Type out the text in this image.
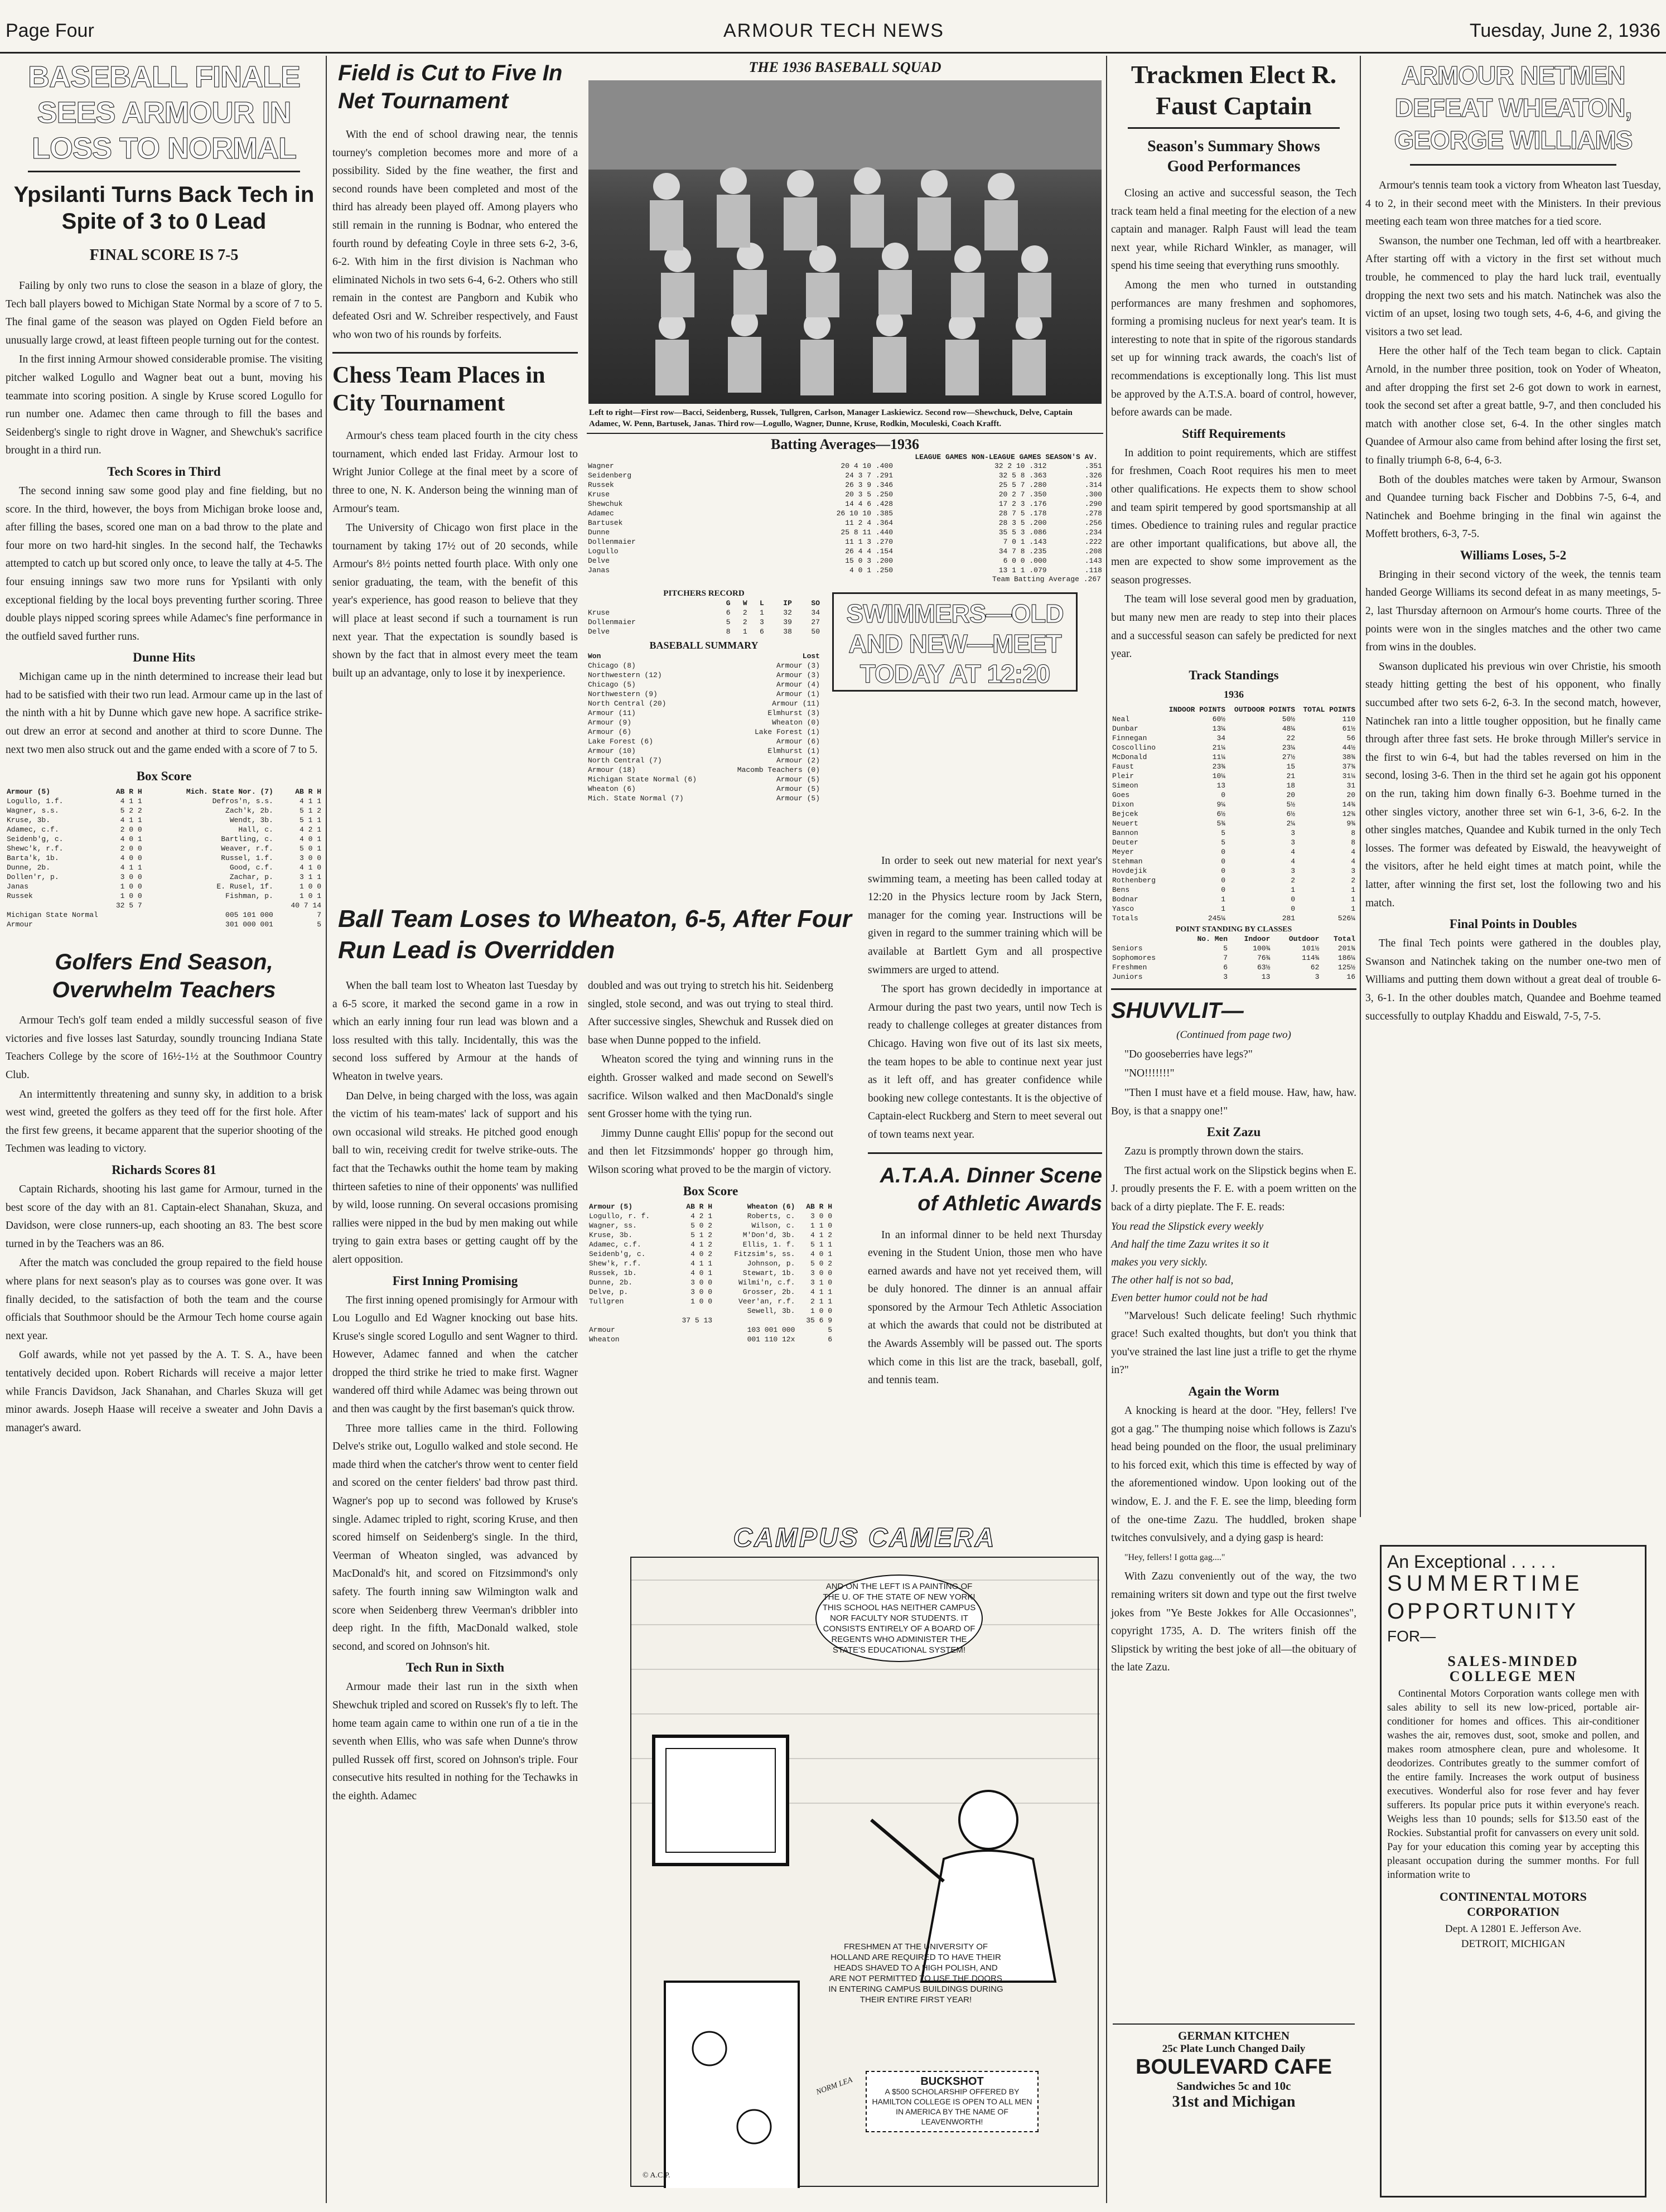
Page Four	ARMOUR TECH NEWS	Tuesday, June 2, 1936
BASEBALL FINALE SEES ARMOUR IN LOSS TO NORMAL
Ypsilanti Turns Back Tech in Spite of 3 to 0 Lead
FINAL SCORE IS 7-5

Failing by only two runs to close the season in a blaze of glory, the Tech ball players bowed to Michigan State Normal by a score of 7 to 5. The final game of the season was played on Ogden Field before an unusually large crowd, at least fifteen people turning out for the contest.

In the first inning Armour showed considerable promise. The visiting pitcher walked Logullo and Wagner beat out a bunt, moving his teammate into scoring position. A single by Kruse scored Logullo for run number one. Adamec then came through to fill the bases and Seidenberg's single to right drove in Wagner, and Shewchuk's sacrifice brought in a third run.

Tech Scores in Third

The second inning saw some good play and fine fielding, but no score. In the third, however, the boys from Michigan broke loose and, after filling the bases, scored one man on a bad throw to the plate and four more on two hard-hit singles. In the second half, the Techawks attempted to catch up but scored only once, to leave the tally at 4-5. The four ensuing innings saw two more runs for Ypsilanti with only exceptional fielding by the local boys preventing further scoring. Three double plays nipped scoring sprees while Adamec's fine performance in the outfield saved further runs.

Dunne Hits

Michigan came up in the ninth determined to increase their lead but had to be satisfied with their two run lead. Armour came up in the last of the ninth with a hit by Dunne which gave new hope. A sacrifice strike-out drew an error at second and another at third to score Dunne. The next two men also struck out and the game ended with a score of 7 to 5.

Box Score
Armour (5)	AB R H	Mich. State Nor. (7)	AB R H
Logullo, 1.f.	4 1 1	Defros'n, s.s.	4 1 1
Wagner, s.s.	5 2 2	Zach'k, 2b.	5 1 2
Kruse, 3b.	4 1 1	Wendt, 3b.	5 1 1
Adamec, c.f.	2 0 0	Hall, c.	4 2 1
Seidenb'g, c.	4 0 1	Bartling, c.	4 0 1
Shewc'k, r.f.	2 0 0	Weaver, r.f.	5 0 1
Barta'k, 1b.	4 0 0	Russel, 1.f.	3 0 0
Dunne, 2b.	4 1 1	Good, c.f.	4 1 0
Dollen'r, p.	3 0 0	Zachar, p.	3 1 1
Janas	1 0 0	E. Rusel, 1f.	1 0 0
Russek	1 0 0	Fishman, p.	1 0 1
	32 5 7		40 7 14
Michigan State Normal		005 101 000	7
Armour		301 000 001	5
Golfers End Season, Overwhelm Teachers

Armour Tech's golf team ended a mildly successful season of five victories and five losses last Saturday, soundly trouncing Indiana State Teachers College by the score of 16½-1½ at the Southmoor Country Club.

An intermittently threatening and sunny sky, in addition to a brisk west wind, greeted the golfers as they teed off for the first hole. After the first few greens, it became apparent that the superior shooting of the Techmen was leading to victory.

Richards Scores 81

Captain Richards, shooting his last game for Armour, turned in the best score of the day with an 81. Captain-elect Shanahan, Skuza, and Davidson, were close runners-up, each shooting an 83. The best score turned in by the Teachers was an 86.

After the match was concluded the group repaired to the field house where plans for next season's play as to courses was gone over. It was finally decided, to the satisfaction of both the team and the course officials that Southmoor should be the Armour Tech home course again next year.

Golf awards, while not yet passed by the A. T. S. A., have been tentatively decided upon. Robert Richards will receive a major letter while Francis Davidson, Jack Shanahan, and Charles Skuza will get minor awards. Joseph Haase will receive a sweater and John Davis a manager's award.

Field is Cut to Five In Net Tournament

With the end of school drawing near, the tennis tourney's completion becomes more and more of a possibility. Sided by the fine weather, the first and second rounds have been completed and most of the third has already been played off. Among players who still remain in the running is Bodnar, who entered the fourth round by defeating Coyle in three sets 6-2, 3-6, 6-2. With him in the first division is Nachman who eliminated Nichols in two sets 6-4, 6-2. Others who still remain in the contest are Pangborn and Kubik who defeated Osri and W. Schreiber respectively, and Faust who won two of his rounds by forfeits.

Chess Team Places in City Tournament

Armour's chess team placed fourth in the city chess tournament, which ended last Friday. Armour lost to Wright Junior College at the final meet by a score of three to one, N. K. Anderson being the winning man of Armour's team.

The University of Chicago won first place in the tournament by taking 17½ out of 20 seconds, while Armour's 8½ points netted fourth place. With only one senior graduating, the team, with the benefit of this year's experience, has good reason to believe that they will place at least second if such a tournament is run next year. That the expectation is soundly based is shown by the fact that in almost every meet the team built up an advantage, only to lose it by inexperience.

THE 1936 BASEBALL SQUAD
Left to right—First row—Bacci, Seidenberg, Russek, Tullgren, Carlson, Manager Laskiewicz. Second row—Shewchuck, Delve, Captain Adamec, W. Penn, Bartusek, Janas. Third row—Logullo, Wagner, Dunne, Kruse, Rodkin, Moculeski, Coach Krafft.
Batting Averages—1936
LEAGUE GAMES NON-LEAGUE GAMES SEASON'S AV.
Wagner	20 4 10 .400	32 2 10 .312	.351
Seidenberg	24 3 7 .291	32 5 8 .363	.326
Russek	26 3 9 .346	25 5 7 .280	.314
Kruse	20 3 5 .250	20 2 7 .350	.300
Shewchuk	14 4 6 .428	17 2 3 .176	.290
Adamec	26 10 10 .385	28 7 5 .178	.278
Bartusek	11 2 4 .364	28 3 5 .200	.256
Dunne	25 8 11 .440	35 5 3 .086	.234
Dollenmaier	11 1 3 .270	7 0 1 .143	.222
Logullo	26 4 4 .154	34 7 8 .235	.208
Delve	15 0 3 .200	6 0 0 .000	.143
Janas	4 0 1 .250	13 1 1 .079	.118
Team Batting Average .267
PITCHERS RECORD
	G	W	L	IP	SO
Kruse	6	2	1	32	34
Dollenmaier	5	2	3	39	27
Delve	8	1	6	38	50
BASEBALL SUMMARY
Won	Lost
Chicago (8)	Armour (3)
Northwestern (12)	Armour (3)
Chicago (5)	Armour (4)
Northwestern (9)	Armour (1)
North Central (20)	Armour (11)
Armour (11)	Elmhurst (3)
Armour (9)	Wheaton (0)
Armour (6)	Lake Forest (1)
Lake Forest (6)	Armour (6)
Armour (10)	Elmhurst (1)
North Central (7)	Armour (2)
Armour (18)	Macomb Teachers (0)
Michigan State Normal (6)	Armour (5)
Wheaton (6)	Armour (5)
Mich. State Normal (7)	Armour (5)
SWIMMERS—OLD AND NEW—MEET TODAY AT 12:20

In order to seek out new material for next year's swimming team, a meeting has been called today at 12:20 in the Physics lecture room by Jack Stern, manager for the coming year. Instructions will be given in regard to the summer training which will be available at Bartlett Gym and all prospective swimmers are urged to attend.

The sport has grown decidedly in importance at Armour during the past two years, until now Tech is ready to challenge colleges at greater distances from Chicago. Having won five out of its last six meets, the team hopes to be able to continue next year just as it left off, and has greater confidence while booking new college contestants. It is the objective of Captain-elect Ruckberg and Stern to meet several out of town teams next year.

A.T.A.A. Dinner Scene of Athletic Awards

In an informal dinner to be held next Thursday evening in the Student Union, those men who have earned awards and have not yet received them, will be duly honored. The dinner is an annual affair sponsored by the Armour Tech Athletic Association at which the awards that could not be distributed at the Awards Assembly will be passed out. The sports which come in this list are the track, baseball, golf, and tennis team.

Ball Team Loses to Wheaton, 6-5, After Four Run Lead is Overridden

When the ball team lost to Wheaton last Tuesday by a 6-5 score, it marked the second game in a row in which an early inning four run lead was blown and a loss resulted with this tally. Incidentally, this was the second loss suffered by Armour at the hands of Wheaton in twelve years.

Dan Delve, in being charged with the loss, was again the victim of his team-mates' lack of support and his own occasional wild streaks. He pitched good enough ball to win, receiving credit for twelve strike-outs. The fact that the Techawks outhit the home team by making thirteen safeties to nine of their opponents' was nullified by wild, loose running. On several occasions promising rallies were nipped in the bud by men making out while trying to gain extra bases or getting caught off by the alert opposition.

First Inning Promising

The first inning opened promisingly for Armour with Lou Logullo and Ed Wagner knocking out base hits. Kruse's single scored Logullo and sent Wagner to third. However, Adamec fanned and when the catcher dropped the third strike he tried to make first. Wagner wandered off third while Adamec was being thrown out and then was caught by the first baseman's quick throw.

Three more tallies came in the third. Following Delve's strike out, Logullo walked and stole second. He made third when the catcher's throw went to center field and scored on the center fielders' bad throw past third. Wagner's pop up to second was followed by Kruse's single. Adamec tripled to right, scoring Kruse, and then scored himself on Seidenberg's single. In the third, Veerman of Wheaton singled, was advanced by MacDonald's hit, and scored on Fitzsimmond's only safety. The fourth inning saw Wilmington walk and score when Seidenberg threw Veerman's dribbler into deep right. In the fifth, MacDonald walked, stole second, and scored on Johnson's hit.

Tech Run in Sixth

Armour made their last run in the sixth when Shewchuk tripled and scored on Russek's fly to left. The home team again came to within one run of a tie in the seventh when Ellis, who was safe when Dunne's throw pulled Russek off first, scored on Johnson's triple. Four consecutive hits resulted in nothing for the Techawks in the eighth. Adamec

doubled and was out trying to stretch his hit. Seidenberg singled, stole second, and was out trying to steal third. After successive singles, Shewchuk and Russek died on base when Dunne popped to the infield.

Wheaton scored the tying and winning runs in the eighth. Grosser walked and made second on Sewell's sacrifice. Wilson walked and then MacDonald's single sent Grosser home with the tying run.

Jimmy Dunne caught Ellis' popup for the second out and then let Fitzsimmonds' hopper go through him, Wilson scoring what proved to be the margin of victory.

Box Score
Armour (5)	AB R H	Wheaton (6)	AB R H
Logullo, r. f.	4 2 1	Roberts, c.	3 0 0
Wagner, ss.	5 0 2	Wilson, c.	1 1 0
Kruse, 3b.	5 1 2	M'Don'd, 3b.	4 1 2
Adamec, c.f.	4 1 2	Ellis, 1. f.	5 1 1
Seidenb'g, c.	4 0 2	Fitzsim's, ss.	4 0 1
Shew'k, r.f.	4 1 1	Johnson, p.	5 0 2
Russek, 1b.	4 0 1	Stewart, 1b.	3 0 0
Dunne, 2b.	3 0 0	Wilmi'n, c.f.	3 1 0
Delve, p.	3 0 0	Grosser, 2b.	4 1 1
Tullgren	1 0 0	Veer'an, r.f.	2 1 1
		Sewell, 3b.	1 0 0
	37 5 13		35 6 9
Armour		103 001 000	5
Wheaton		001 110 12x	6
CAMPUS CAMERA
AND ON THE LEFT IS A PAINTING OF THE U. OF THE STATE OF NEW YORK! THIS SCHOOL HAS NEITHER CAMPUS NOR FACULTY NOR STUDENTS. IT CONSISTS ENTIRELY OF A BOARD OF REGENTS WHO ADMINISTER THE STATE'S EDUCATIONAL SYSTEM!
FRESHMEN AT THE UNIVERSITY OF HOLLAND ARE REQUIRED TO HAVE THEIR HEADS SHAVED TO A HIGH POLISH, AND ARE NOT PERMITTED TO USE THE DOORS IN ENTERING CAMPUS BUILDINGS DURING THEIR ENTIRE FIRST YEAR!
BUCKSHOT
A $500 SCHOLARSHIP OFFERED BY HAMILTON COLLEGE IS OPEN TO ALL MEN IN AMERICA BY THE NAME OF LEAVENWORTH!
NORM LEA
© A.C.P.
Trackmen Elect R. Faust Captain
Season's Summary Shows Good Performances

Closing an active and successful season, the Tech track team held a final meeting for the election of a new captain and manager. Ralph Faust will lead the team next year, while Richard Winkler, as manager, will spend his time seeing that everything runs smoothly.

Among the men who turned in outstanding performances are many freshmen and sophomores, forming a promising nucleus for next year's team. It is interesting to note that in spite of the rigorous standards set up for winning track awards, the coach's list of recommendations is exceptionally long. This list must be approved by the A.T.S.A. board of control, however, before awards can be made.

Stiff Requirements

In addition to point requirements, which are stiffest for freshmen, Coach Root requires his men to meet other qualifications. He expects them to show school and team spirit tempered by good sportsmanship at all times. Obedience to training rules and regular practice are other important qualifications, but above all, the men are expected to show some improvement as the season progresses.

The team will lose several good men by graduation, but many new men are ready to step into their places and a successful season can safely be predicted for next year.

Track Standings
1936
	INDOOR POINTS	OUTDOOR POINTS	TOTAL POINTS
Neal	60½	50½	110
Dunbar	13¼	48¼	61½
Finnegan	34	22	56
Coscollino	21¼	23¼	44½
McDonald	11¼	27½	38¾
Faust	23¾	15	37¾
Pleir	10¼	21	31¼
Simeon	13	18	31
Goes	0	20	20
Dixon	9¼	5½	14¾
Bejcek	6½	6½	12¾
Neuert	5¾	2¼	9¾
Bannon	5	3	8
Deuter	5	3	8
Meyer	0	4	4
Stehman	0	4	4
Hovdejik	0	3	3
Rothenberg	0	2	2
Bens	0	1	1
Bodnar	1	0	1
Yasco	1	0	1
Totals	245¼	281	526¼
POINT STANDING BY CLASSES
	No. Men	Indoor	Outdoor	Total
Seniors	5	100¾	101½	201¾
Sophomores	7	76¾	114¾	186¼
Freshmen	6	63½	62	125½
Juniors	3	13	3	16
SHUVVLIT—
(Continued from page two)

"Do gooseberries have legs?"

"NO!!!!!!!"

"Then I must have et a field mouse. Haw, haw, haw. Boy, is that a snappy one!"

Exit Zazu

Zazu is promptly thrown down the stairs.

The first actual work on the Slipstick begins when E. J. proudly presents the F. E. with a poem written on the back of a dirty pieplate. The F. E. reads:

You read the Slipstick every weekly
And half the time Zazu writes it so it
makes you very sickly.
The other half is not so bad,
Even better humor could not be had

"Marvelous! Such delicate feeling! Such rhythmic grace! Such exalted thoughts, but don't you think that you've strained the last line just a trifle to get the rhyme in?"

Again the Worm

A knocking is heard at the door. "Hey, fellers! I've got a gag." The thumping noise which follows is Zazu's head being pounded on the floor, the usual preliminary to his forced exit, which this time is effected by way of the aforementioned window. Upon looking out of the window, E. J. and the F. E. see the limp, bleeding form of the one-time Zazu. The huddled, broken shape twitches convulsively, and a dying gasp is heard:

"Hey, fellers! I gotta gag...."

With Zazu conveniently out of the way, the two remaining writers sit down and type out the first twelve jokes from "Ye Beste Jokkes for Alle Occasionnes", copyright 1735, A. D. The writers finish off the Slipstick by writing the best joke of all—the obituary of the late Zazu.

GERMAN KITCHEN
25c Plate Lunch Changed Daily
BOULEVARD CAFE
Sandwiches 5c and 10c
31st and Michigan
ARMOUR NETMEN DEFEAT WHEATON, GEORGE WILLIAMS

Armour's tennis team took a victory from Wheaton last Tuesday, 4 to 2, in their second meet with the Ministers. In their previous meeting each team won three matches for a tied score.

Swanson, the number one Techman, led off with a heartbreaker. After starting off with a victory in the first set without much trouble, he commenced to play the hard luck trail, eventually dropping the next two sets and his match. Natinchek was also the victim of an upset, losing two tough sets, 4-6, 4-6, and giving the visitors a two set lead.

Here the other half of the Tech team began to click. Captain Arnold, in the number three position, took on Yoder of Wheaton, and after dropping the first set 2-6 got down to work in earnest, took the second set after a great battle, 9-7, and then concluded his match with another close set, 6-4. In the other singles match Quandee of Armour also came from behind after losing the first set, to finally triumph 6-8, 6-4, 6-3.

Both of the doubles matches were taken by Armour, Swanson and Quandee turning back Fischer and Dobbins 7-5, 6-4, and Natinchek and Boehme bringing in the final win against the Moffett brothers, 6-3, 7-5.

Williams Loses, 5-2

Bringing in their second victory of the week, the tennis team handed George Williams its second defeat in as many meetings, 5-2, last Thursday afternoon on Armour's home courts. Three of the points were won in the singles matches and the other two came from wins in the doubles.

Swanson duplicated his previous win over Christie, his smooth steady hitting getting the best of his opponent, who finally succumbed after two sets 6-2, 6-3. In the second match, however, Natinchek ran into a little tougher opposition, but he finally came through after three fast sets. He broke through Miller's service in the first to win 6-4, but had the tables reversed on him in the second, losing 3-6. Then in the third set he again got his opponent on the run, taking him down finally 6-3. Boehme turned in the other singles victory, another three set win 6-1, 3-6, 6-2. In the other singles matches, Quandee and Kubik turned in the only Tech losses. The former was defeated by Eiswald, the heavyweight of the visitors, after he held eight times at match point, while the latter, after winning the first set, lost the following two and his match.

Final Points in Doubles

The final Tech points were gathered in the doubles play, Swanson and Natinchek taking on the number one-two men of Williams and putting them down without a great deal of trouble 6-3, 6-1. In the other doubles match, Quandee and Boehme teamed successfully to outplay Khaddu and Eiswald, 7-5, 7-5.

An Exceptional . . . . .
SUMMERTIME
OPPORTUNITY
FOR—
SALES-MINDED
COLLEGE MEN
Continental Motors Corporation wants college men with sales ability to sell its new low-priced, portable air-conditioner for homes and offices. This air-conditioner washes the air, removes dust, soot, smoke and pollen, and makes room atmosphere clean, pure and wholesome. It deodorizes. Contributes greatly to the summer comfort of the entire family. Increases the work output of business executives. Wonderful also for rose fever and hay fever sufferers. Its popular price puts it within everyone's reach. Weighs less than 10 pounds; sells for $13.50 east of the Rockies. Substantial profit for canvassers on every unit sold. Pay for your education this coming year by accepting this pleasant occupation during the summer months. For full information write to
CONTINENTAL MOTORS
CORPORATION
Dept. A 12801 E. Jefferson Ave.
DETROIT, MICHIGAN
